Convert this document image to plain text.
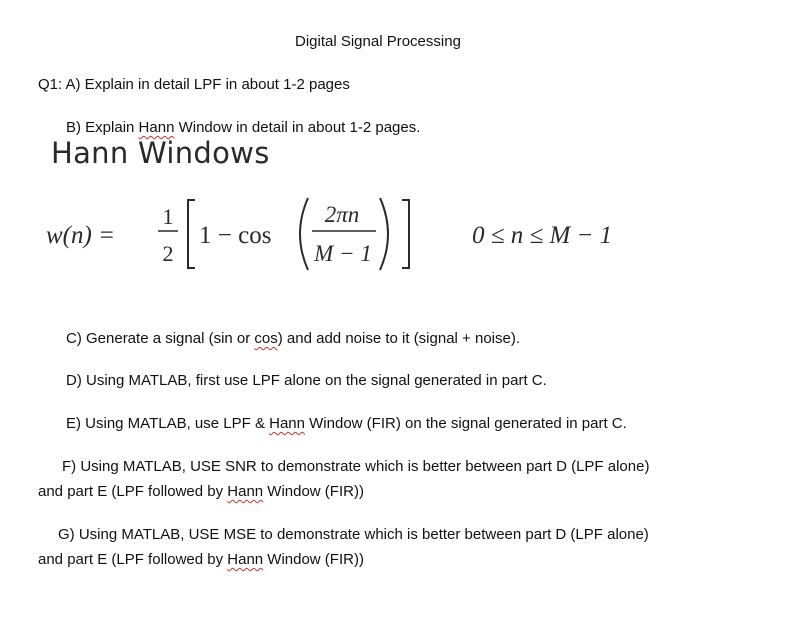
Digital Signal Processing
Q1: A) Explain in detail LPF in about 1-2 pages
B) Explain Hann Window in detail in about 1-2 pages.
Hann Windows
w(n) =
1
2
1 − cos
2πn
M − 1
0 ≤ n ≤ M − 1
C) Generate a signal (sin or cos) and add noise to it (signal + noise).
D) Using MATLAB, first use LPF alone on the signal generated in part C.
E) Using MATLAB, use LPF & Hann Window (FIR) on the signal generated in part C.
F) Using MATLAB, USE SNR to demonstrate which is better between part D (LPF alone)
and part E (LPF followed by Hann Window (FIR))
G) Using MATLAB, USE MSE to demonstrate which is better between part D (LPF alone)
and part E (LPF followed by Hann Window (FIR))
